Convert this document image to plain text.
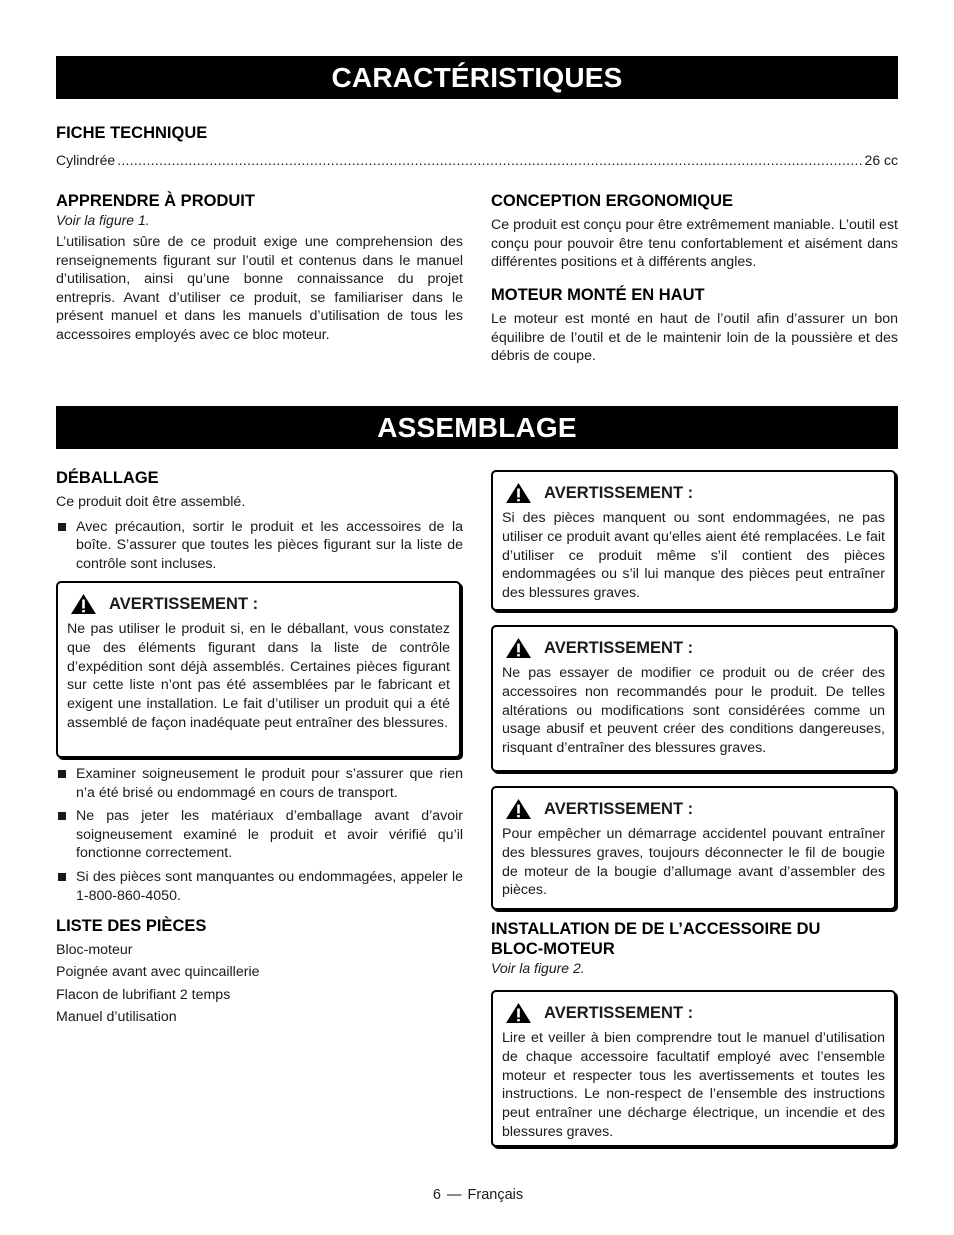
CARACTÉRISTIQUES
ASSEMBLAGE
FICHE TECHNIQUE
Cylindrée
.....	26 cc
APPRENDRE À PRODUIT
Voir la figure 1.

L’utilisation sûre de ce produit exige une comprehension des renseignements figurant sur l’outil et contenus dans le manuel d’utilisation, ainsi qu’une bonne connaissance du projet entrepris. Avant d’utiliser ce produit, se familiariser dans le présent manuel et dans les manuels d’utilisation de tous les accessoires employés avec ce bloc moteur.

CONCEPTION ERGONOMIQUE

Ce produit est conçu pour être extrêmement maniable. L’outil est conçu pour pouvoir être tenu confortablement et aisément dans différentes positions et à différents angles.

MOTEUR MONTÉ EN HAUT

Le moteur est monté en haut de l’outil afin d’assurer un bon équilibre de l’outil et de le maintenir loin de la poussière et des débris de coupe.

DÉBALLAGE

Ce produit doit être assemblé.

Avec précaution, sortir le produit et les accessoires de la boîte. S’assurer que toutes les pièces figurant sur la liste de contrôle sont incluses.
AVERTISSEMENT :

Ne pas utiliser le produit si, en le déballant, vous constatez que des éléments figurant dans la liste de contrôle d’expédition sont déjà assemblés. Certaines pièces figurant sur cette liste n’ont pas été assemblées par le fabricant et exigent une installation. Le fait d’utiliser un produit qui a été assemblé de façon inadéquate peut entraîner des blessures.

Examiner soigneusement le produit pour s’assurer que rien n’a été brisé ou endommagé en cours de transport.
Ne pas jeter les matériaux d’emballage avant d’avoir soigneusement examiné le produit et avoir vérifié qu’il fonctionne correctement.
Si des pièces sont manquantes ou endommagées, appeler le 1-800-860-4050.
LISTE DES PIÈCES
Bloc-moteur
Poignée avant avec quincaillerie
Flacon de lubrifiant 2 temps
Manuel d’utilisation
AVERTISSEMENT :

Si des pièces manquent ou sont endommagées, ne pas utiliser ce produit avant qu’elles aient été remplacées. Le fait d’utiliser ce produit même s’il contient des pièces endommagées ou s’il lui manque des pièces peut entraîner des blessures graves.

AVERTISSEMENT :

Ne pas essayer de modifier ce produit ou de créer des accessoires non recommandés pour le produit. De telles altérations ou modifications sont considérées comme un usage abusif et peuvent créer des conditions dangereuses, risquant d’entraîner des blessures graves.

AVERTISSEMENT :

Pour empêcher un démarrage accidentel pouvant entraîner des blessures graves, toujours déconnecter le fil de bougie de moteur de la bougie d’allumage avant d’assembler des pièces.

INSTALLATION DE DE L’ACCESSOIRE DU
BLOC-MOTEUR
Voir la figure 2.
AVERTISSEMENT :

Lire et veiller à bien comprendre tout le manuel d’utilisation de chaque accessoire facultatif employé avec l’ensemble moteur et respecter tous les avertissements et toutes les instructions. Le non-respect de l’ensemble des instructions peut entraîner une décharge électrique, un incendie et des blessures graves.

6 — Français
